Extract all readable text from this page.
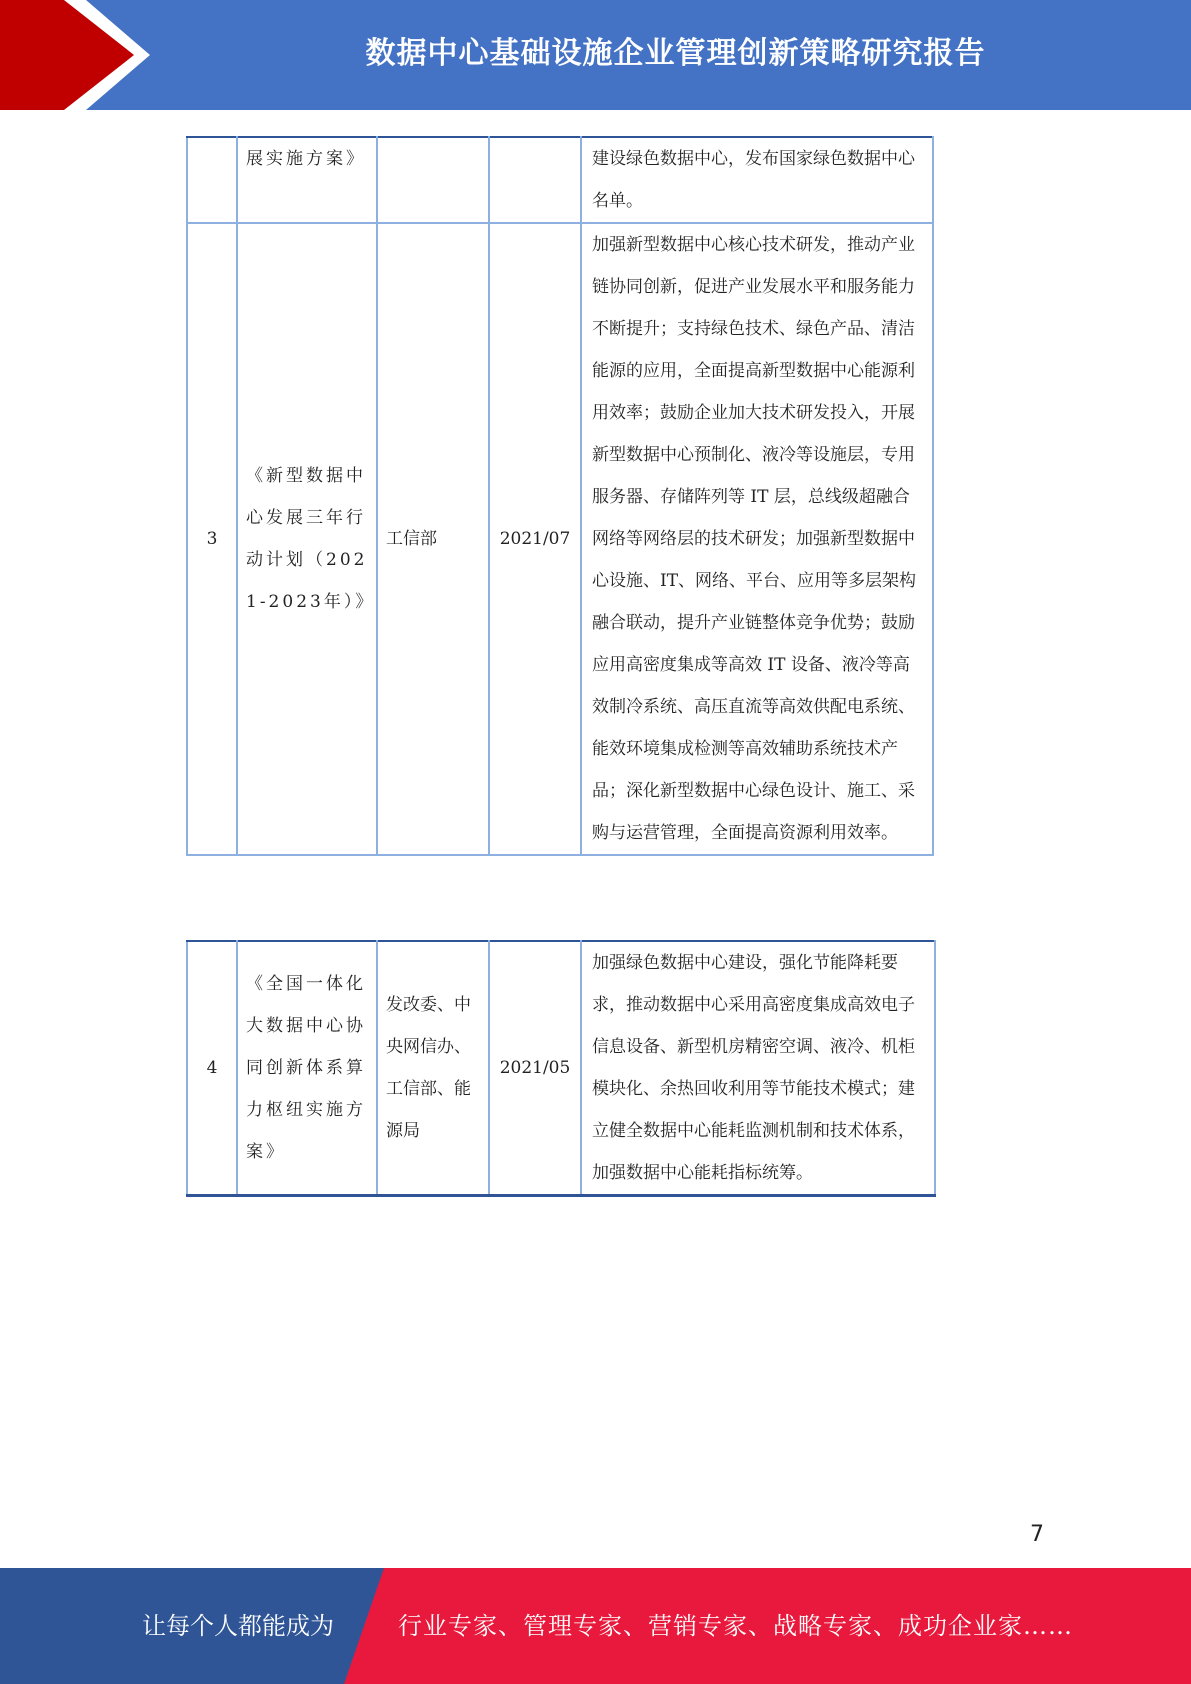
数据中心基础设施企业管理创新策略研究报告
	展实施方案》			建设绿色数据中心，发布国家绿色数据中心名单。
3	《新型数据中心发展三年行动计划（2021-2023年）》	工信部	2021/07	加强新型数据中心核心技术研发，推动产业链协同创新，促进产业发展水平和服务能力不断提升；支持绿色技术、绿色产品、清洁能源的应用，全面提高新型数据中心能源利用效率；鼓励企业加大技术研发投入，开展新型数据中心预制化、液冷等设施层，专用服务器、存储阵列等 IT 层，总线级超融合网络等网络层的技术研发；加强新型数据中心设施、IT、网络、平台、应用等多层架构融合联动，提升产业链整体竞争优势；鼓励应用高密度集成等高效 IT 设备、液冷等高效制冷系统、高压直流等高效供配电系统、能效环境集成检测等高效辅助系统技术产品；深化新型数据中心绿色设计、施工、采购与运营管理，全面提高资源利用效率。
4	《全国一体化大数据中心协同创新体系算力枢纽实施方案》	发改委、中央网信办、工信部、能源局	2021/05	加强绿色数据中心建设，强化节能降耗要求，推动数据中心采用高密度集成高效电子信息设备、新型机房精密空调、液冷、机柜模块化、余热回收利用等节能技术模式；建立健全数据中心能耗监测机制和技术体系，加强数据中心能耗指标统筹。
7
让每个人都能成为	行业专家、管理专家、营销专家、战略专家、成功企业家……
